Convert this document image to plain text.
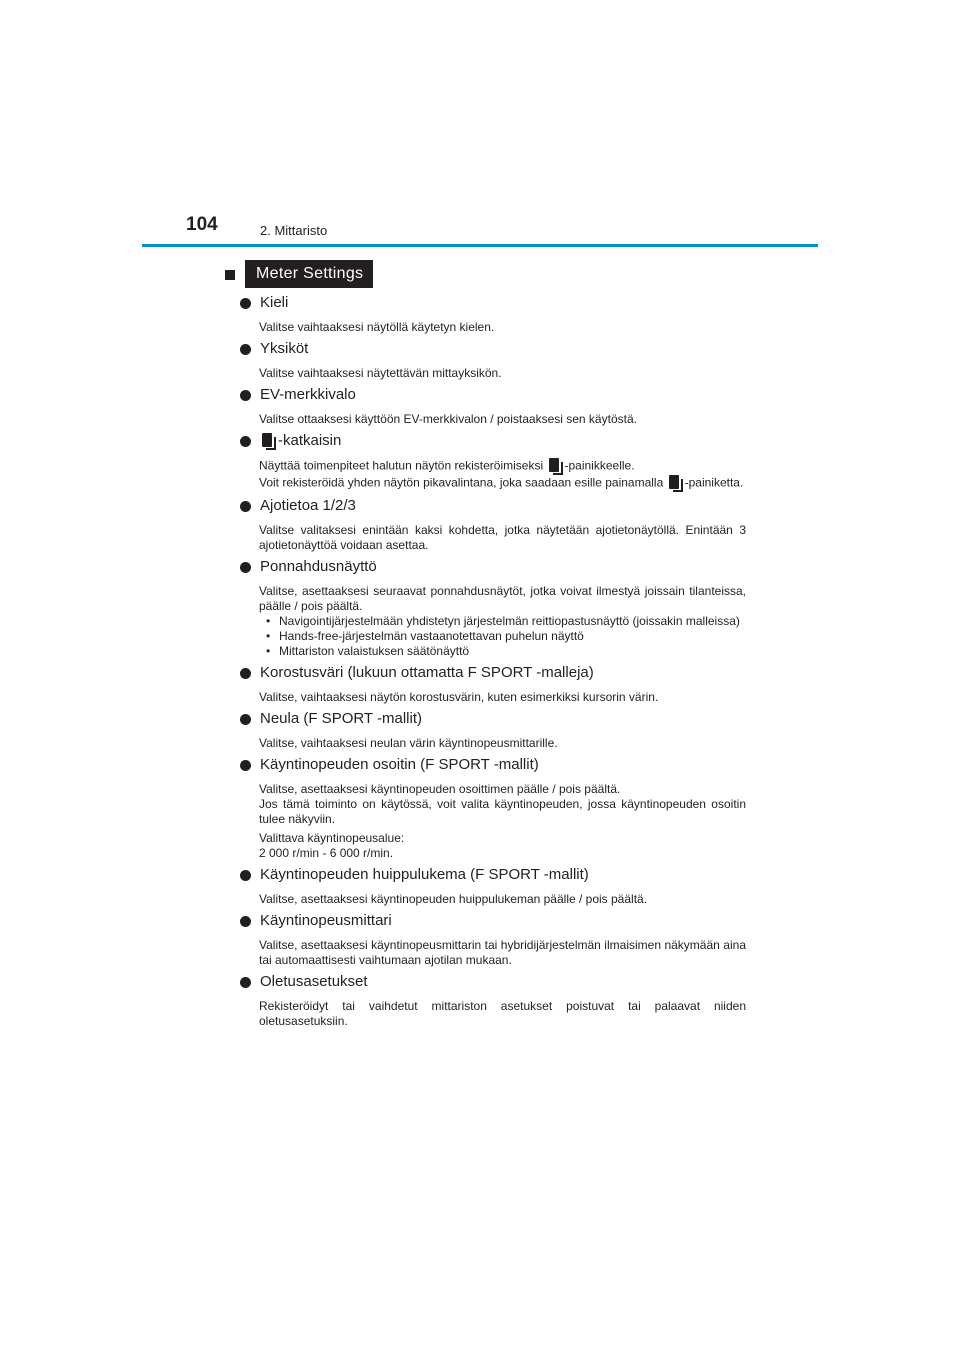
104	2. Mittaristo
Meter Settings
Kieli

Valitse vaihtaaksesi näytöllä käytetyn kielen.

Yksiköt

Valitse vaihtaaksesi näytettävän mittayksikön.

EV-merkkivalo

Valitse ottaaksesi käyttöön EV-merkkivalon / poistaaksesi sen käytöstä.

-katkaisin

Näyttää toimenpiteet halutun näytön rekisteröimiseksi -painikkeelle.

Voit rekisteröidä yhden näytön pikavalintana, joka saadaan esille painamalla -painiketta.

Ajotietoa 1/2/3

Valitse valitaksesi enintään kaksi kohdetta, jotka näytetään ajotietonäytöllä. Enintään 3 ajotietonäyttöä voidaan asettaa.

Ponnahdusnäyttö

Valitse, asettaaksesi seuraavat ponnahdusnäytöt, jotka voivat ilmestyä joissain tilanteissa, päälle / pois päältä.

• Navigointijärjestelmään yhdistetyn järjestelmän reittiopastusnäyttö (joissakin malleissa)
• Hands-free-järjestelmän vastaanotettavan puhelun näyttö
• Mittariston valaistuksen säätönäyttö
Korostusväri (lukuun ottamatta F SPORT -malleja)

Valitse, vaihtaaksesi näytön korostusvärin, kuten esimerkiksi kursorin värin.

Neula (F SPORT -mallit)

Valitse, vaihtaaksesi neulan värin käyntinopeusmittarille.

Käyntinopeuden osoitin (F SPORT -mallit)

Valitse, asettaaksesi käyntinopeuden osoittimen päälle / pois päältä.

Jos tämä toiminto on käytössä, voit valita käyntinopeuden, jossa käyntinopeuden osoitin tulee näkyviin.

Valittava käyntinopeusalue:

2 000 r/min - 6 000 r/min.

Käyntinopeuden huippulukema (F SPORT -mallit)

Valitse, asettaaksesi käyntinopeuden huippulukeman päälle / pois päältä.

Käyntinopeusmittari

Valitse, asettaaksesi käyntinopeusmittarin tai hybridijärjestelmän ilmaisimen näkymään aina tai automaattisesti vaihtumaan ajotilan mukaan.

Oletusasetukset

Rekisteröidyt tai vaihdetut mittariston asetukset poistuvat tai palaavat niiden oletusasetuksiin.
